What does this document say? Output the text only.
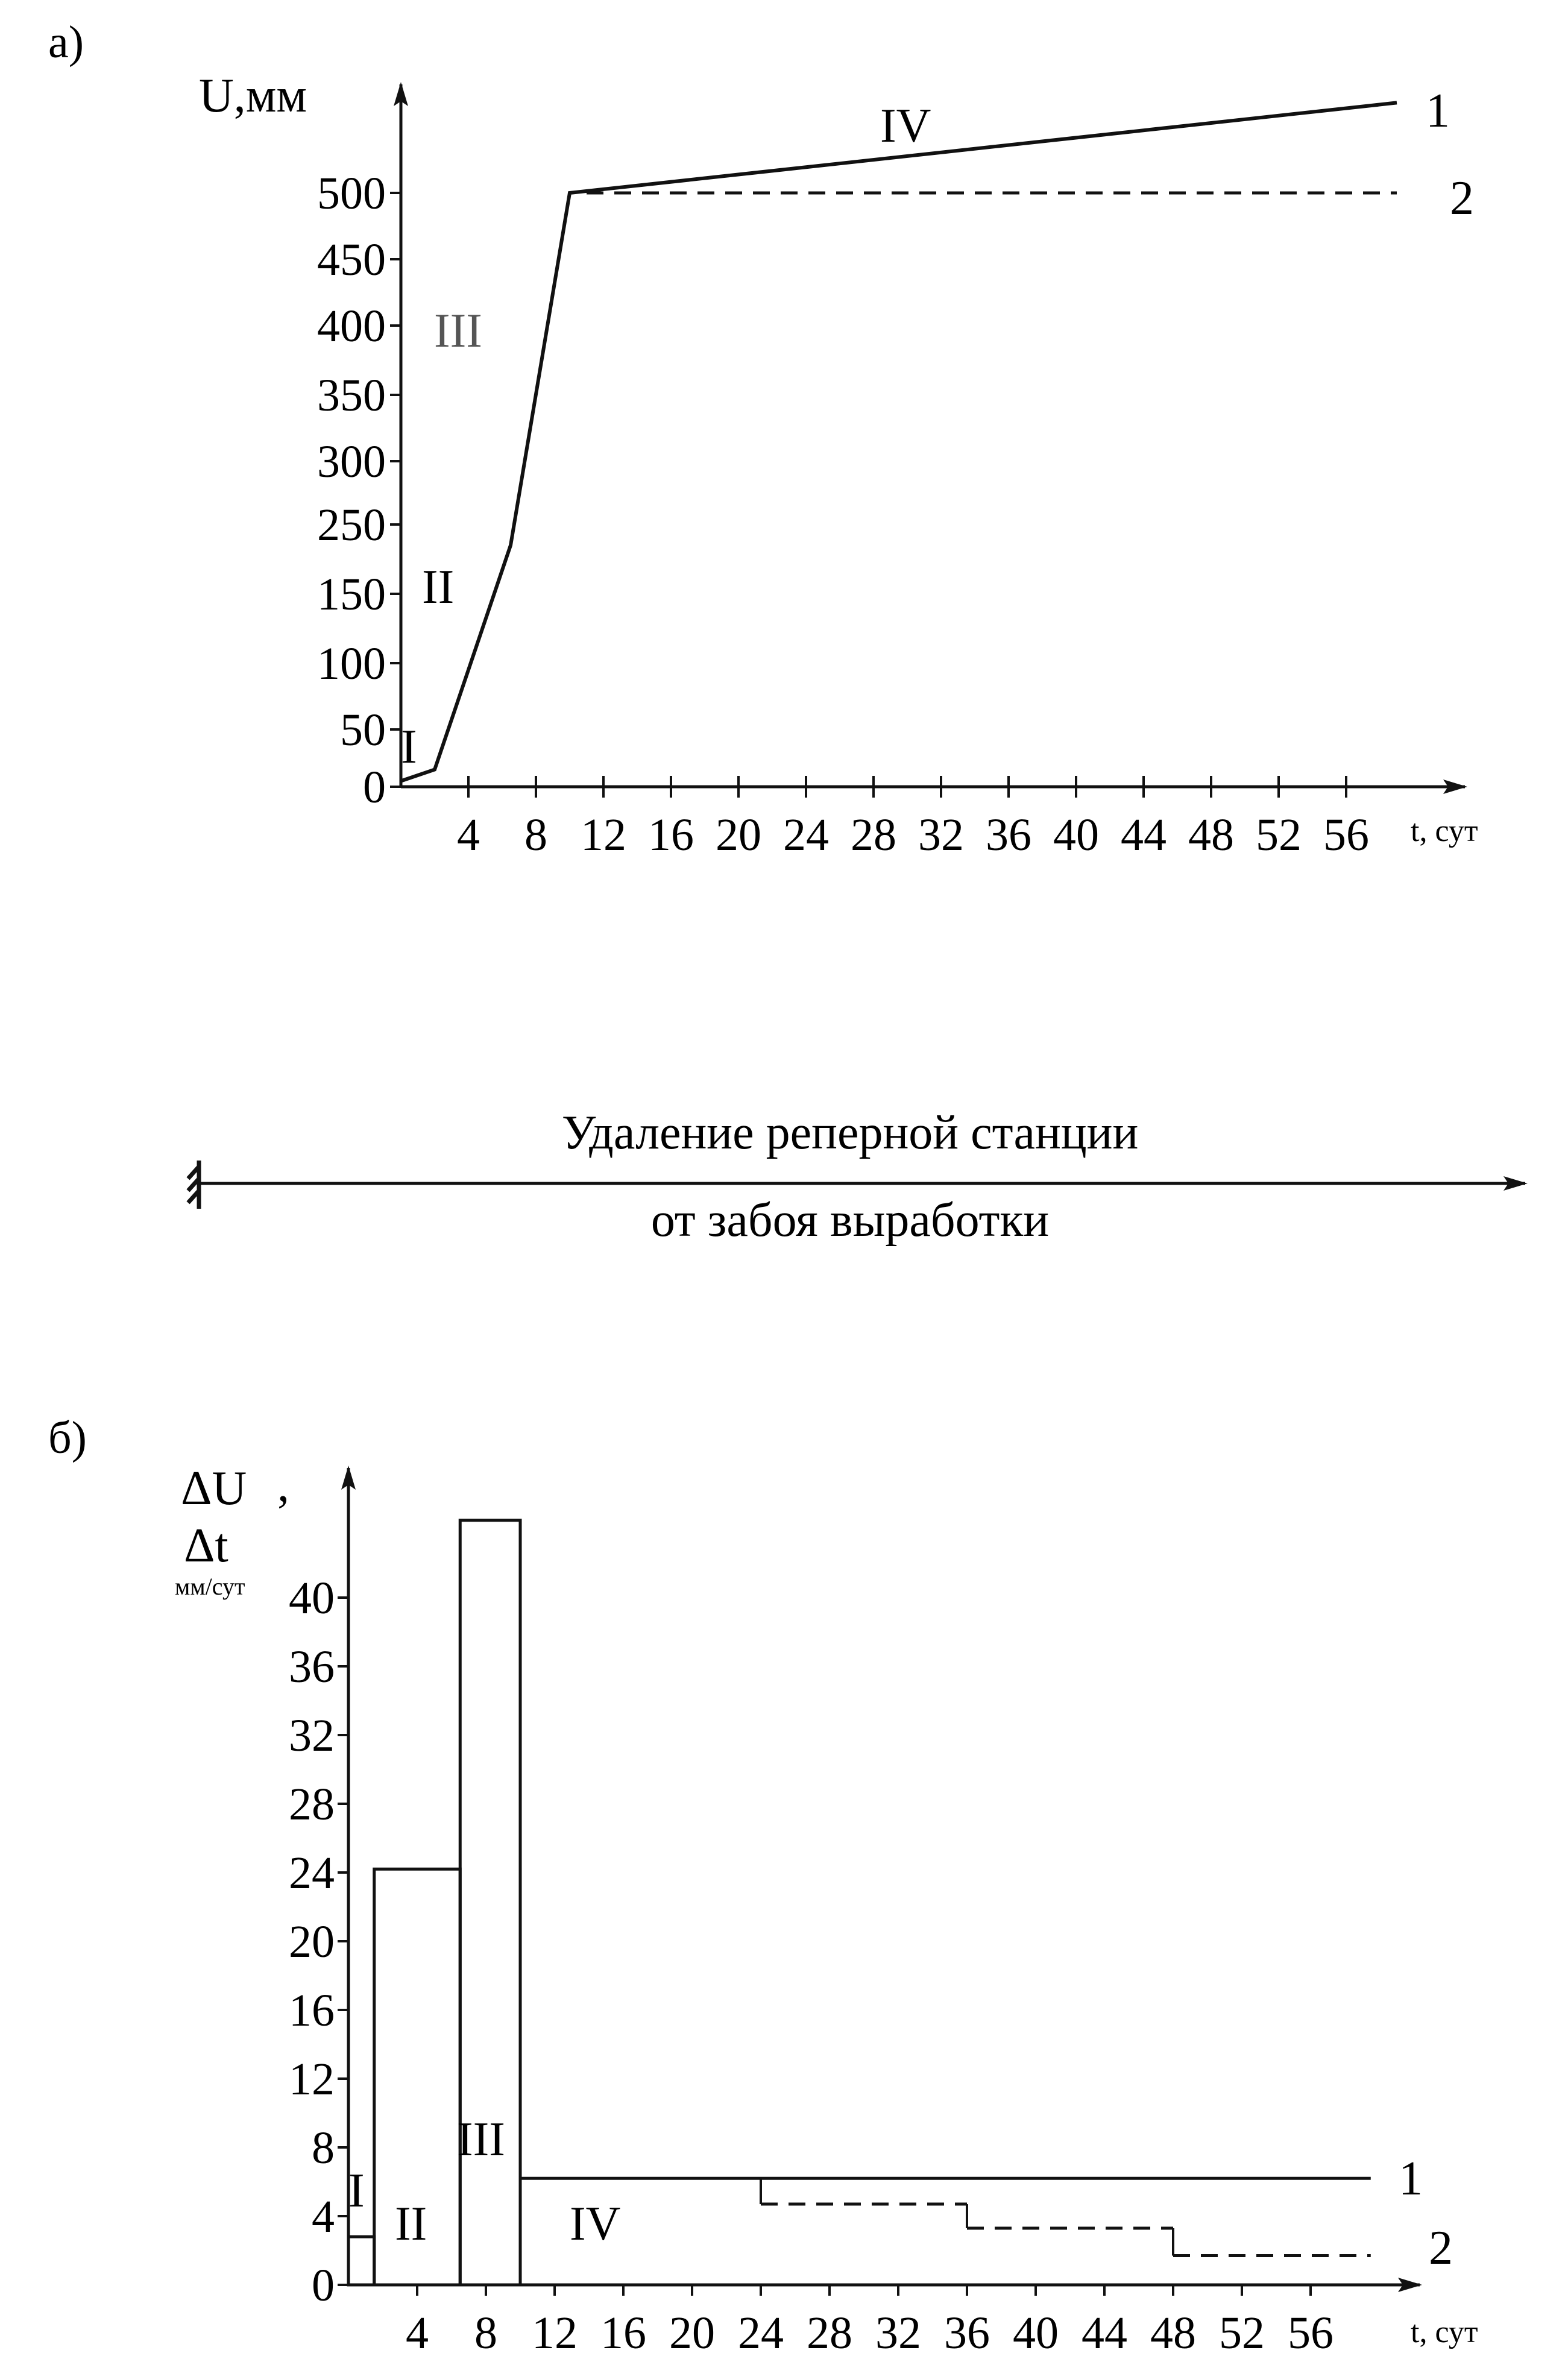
a)
U,мм
4 8 12 16 20 24 28 32 36 40 44 48 52 56
0
50
100
150
250
300
350
400
450
500
t, сут
1
2
I
II
III
IV
Удаление реперной станции
от забоя выработки
б)
ΔU ,
Δt
мм/сут
4 8 12 16 20 24 28 32 36 40 44 48 52 56
0
4
8
12
16
20
24
28
32
36
40
t, сут
1
2
I
II
III
IV
